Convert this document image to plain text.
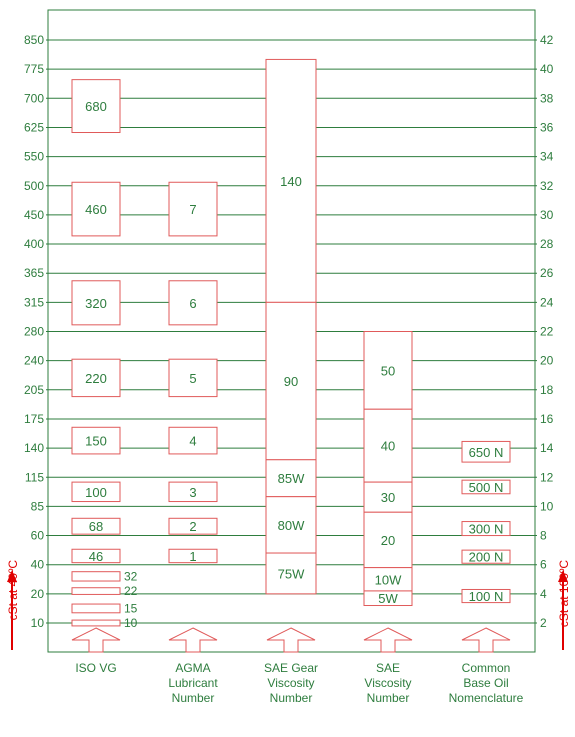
850	42
775	40
700	38
625	36
550	34
500	32
450	30
400	28
365	26
315	24
280	22
240	20
205	18
175	16
140	14
115	12
85	10
60	8
40	6
20	4
10	2
680
460
320
220
150
100
68
46
32
22
15
10
ISO VG
7
6
5
4
3
2
1
AGMA
Lubricant
Number
140
90
85W
80W
75W
SAE Gear
Viscosity
Number
50
40
30
20
10W
5W
SAE
Viscosity
Number
650 N
500 N
300 N
200 N
100 N
Common
Base Oil
Nomenclature
cSt at 40ºC	cSt at 100ºC
